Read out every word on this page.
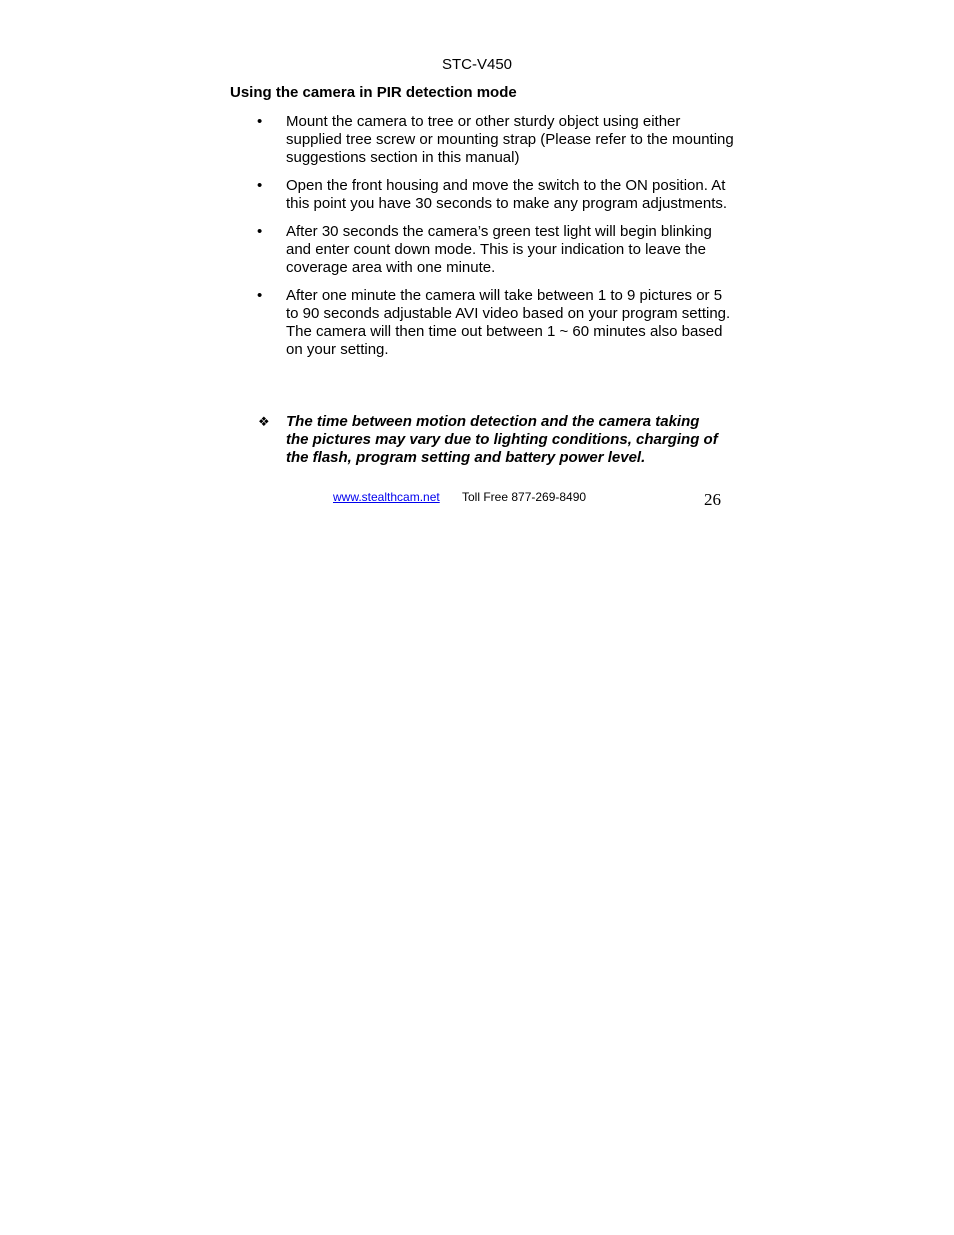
STC-V450
Using the camera in PIR detection mode
• Mount the camera to tree or other sturdy object using either supplied tree screw or mounting strap (Please refer to the mounting suggestions section in this manual)
• Open the front housing and move the switch to the ON position. At this point you have 30 seconds to make any program adjustments.
• After 30 seconds the camera’s green test light will begin blinking and enter count down mode. This is your indication to leave the coverage area with one minute.
• After one minute the camera will take between 1 to 9 pictures or 5 to 90 seconds adjustable AVI video based on your program setting. The camera will then time out between 1 ~ 60 minutes also based on your setting.
❖ The time between motion detection and the camera taking the pictures may vary due to lighting conditions, charging of the flash, program setting and battery power level.
www.stealthcam.net Toll Free 877-269-8490	26
